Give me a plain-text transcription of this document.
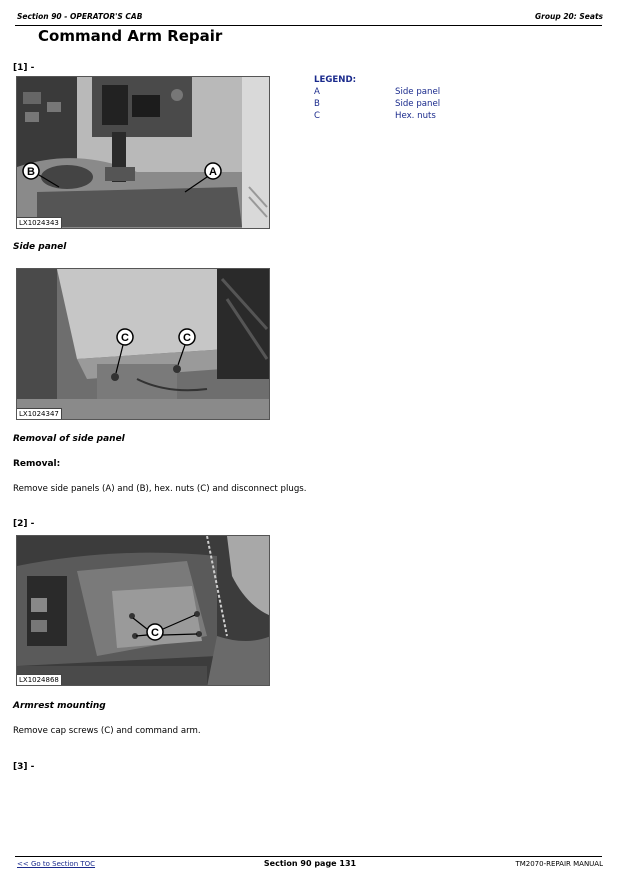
Section 90 - OPERATOR'S CAB	Group 20: Seats
Command Arm Repair
[1] -
B	A
LX1024343
LEGEND:
A	Side panel
B	Side panel
C	Hex. nuts
Side panel
C	C
LX1024347
Removal of side panel
Removal:
Remove side panels (A) and (B), hex. nuts (C) and disconnect plugs.
[2] -
C
LX1024868
Armrest mounting
Remove cap screws (C) and command arm.
[3] -
<< Go to Section TOC	Section 90 page 131	TM2070-REPAIR MANUAL
